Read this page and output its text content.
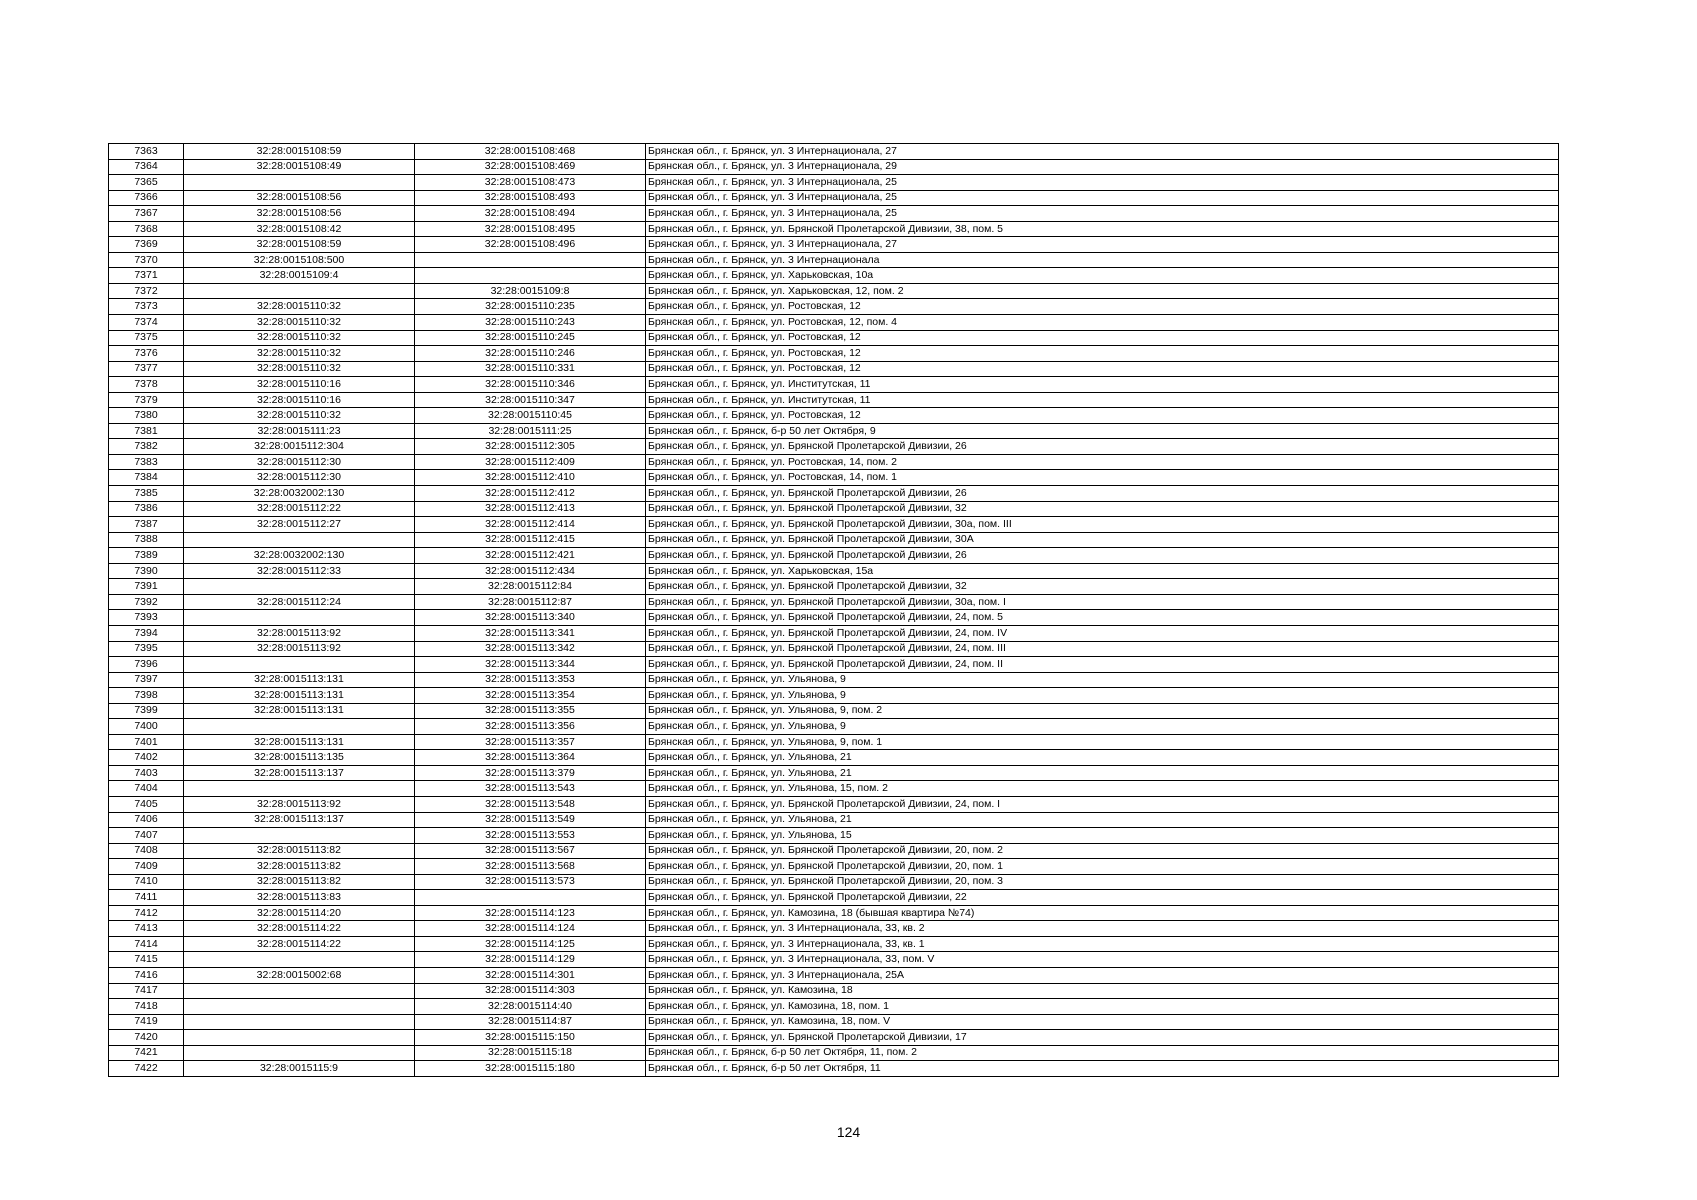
7363	32:28:0015108:59	32:28:0015108:468	Брянская обл., г. Брянск, ул. 3 Интернационала, 27
7364	32:28:0015108:49	32:28:0015108:469	Брянская обл., г. Брянск, ул. 3 Интернационала, 29
7365		32:28:0015108:473	Брянская обл., г. Брянск, ул. 3 Интернационала, 25
7366	32:28:0015108:56	32:28:0015108:493	Брянская обл., г. Брянск, ул. 3 Интернационала, 25
7367	32:28:0015108:56	32:28:0015108:494	Брянская обл., г. Брянск, ул. 3 Интернационала, 25
7368	32:28:0015108:42	32:28:0015108:495	Брянская обл., г. Брянск, ул. Брянской Пролетарской Дивизии, 38, пом. 5
7369	32:28:0015108:59	32:28:0015108:496	Брянская обл., г. Брянск, ул. 3 Интернационала, 27
7370	32:28:0015108:500		Брянская обл., г. Брянск, ул. 3 Интернационала
7371	32:28:0015109:4		Брянская обл., г. Брянск, ул. Харьковская, 10а
7372		32:28:0015109:8	Брянская обл., г. Брянск, ул. Харьковская, 12, пом. 2
7373	32:28:0015110:32	32:28:0015110:235	Брянская обл., г. Брянск, ул. Ростовская, 12
7374	32:28:0015110:32	32:28:0015110:243	Брянская обл., г. Брянск, ул. Ростовская, 12, пом. 4
7375	32:28:0015110:32	32:28:0015110:245	Брянская обл., г. Брянск, ул. Ростовская, 12
7376	32:28:0015110:32	32:28:0015110:246	Брянская обл., г. Брянск, ул. Ростовская, 12
7377	32:28:0015110:32	32:28:0015110:331	Брянская обл., г. Брянск, ул. Ростовская, 12
7378	32:28:0015110:16	32:28:0015110:346	Брянская обл., г. Брянск, ул. Институтская, 11
7379	32:28:0015110:16	32:28:0015110:347	Брянская обл., г. Брянск, ул. Институтская, 11
7380	32:28:0015110:32	32:28:0015110:45	Брянская обл., г. Брянск, ул. Ростовская, 12
7381	32:28:0015111:23	32:28:0015111:25	Брянская обл., г. Брянск, б-р 50 лет Октября, 9
7382	32:28:0015112:304	32:28:0015112:305	Брянская обл., г. Брянск, ул. Брянской Пролетарской Дивизии, 26
7383	32:28:0015112:30	32:28:0015112:409	Брянская обл., г. Брянск, ул. Ростовская, 14, пом. 2
7384	32:28:0015112:30	32:28:0015112:410	Брянская обл., г. Брянск, ул. Ростовская, 14, пом. 1
7385	32:28:0032002:130	32:28:0015112:412	Брянская обл., г. Брянск, ул. Брянской Пролетарской Дивизии, 26
7386	32:28:0015112:22	32:28:0015112:413	Брянская обл., г. Брянск, ул. Брянской Пролетарской Дивизии, 32
7387	32:28:0015112:27	32:28:0015112:414	Брянская обл., г. Брянск, ул. Брянской Пролетарской Дивизии, 30а, пом. III
7388		32:28:0015112:415	Брянская обл., г. Брянск, ул. Брянской Пролетарской Дивизии, 30А
7389	32:28:0032002:130	32:28:0015112:421	Брянская обл., г. Брянск, ул. Брянской Пролетарской Дивизии, 26
7390	32:28:0015112:33	32:28:0015112:434	Брянская обл., г. Брянск, ул. Харьковская, 15а
7391		32:28:0015112:84	Брянская обл., г. Брянск, ул. Брянской Пролетарской Дивизии, 32
7392	32:28:0015112:24	32:28:0015112:87	Брянская обл., г. Брянск, ул. Брянской Пролетарской Дивизии, 30а, пом. I
7393		32:28:0015113:340	Брянская обл., г. Брянск, ул. Брянской Пролетарской Дивизии, 24, пом. 5
7394	32:28:0015113:92	32:28:0015113:341	Брянская обл., г. Брянск, ул. Брянской Пролетарской Дивизии, 24, пом. IV
7395	32:28:0015113:92	32:28:0015113:342	Брянская обл., г. Брянск, ул. Брянской Пролетарской Дивизии, 24, пом. III
7396		32:28:0015113:344	Брянская обл., г. Брянск, ул. Брянской Пролетарской Дивизии, 24, пом. II
7397	32:28:0015113:131	32:28:0015113:353	Брянская обл., г. Брянск, ул. Ульянова, 9
7398	32:28:0015113:131	32:28:0015113:354	Брянская обл., г. Брянск, ул. Ульянова, 9
7399	32:28:0015113:131	32:28:0015113:355	Брянская обл., г. Брянск, ул. Ульянова, 9, пом. 2
7400		32:28:0015113:356	Брянская обл., г. Брянск, ул. Ульянова, 9
7401	32:28:0015113:131	32:28:0015113:357	Брянская обл., г. Брянск, ул. Ульянова, 9, пом. 1
7402	32:28:0015113:135	32:28:0015113:364	Брянская обл., г. Брянск, ул. Ульянова, 21
7403	32:28:0015113:137	32:28:0015113:379	Брянская обл., г. Брянск, ул. Ульянова, 21
7404		32:28:0015113:543	Брянская обл., г. Брянск, ул. Ульянова, 15, пом. 2
7405	32:28:0015113:92	32:28:0015113:548	Брянская обл., г. Брянск, ул. Брянской Пролетарской Дивизии, 24, пом. I
7406	32:28:0015113:137	32:28:0015113:549	Брянская обл., г. Брянск, ул. Ульянова, 21
7407		32:28:0015113:553	Брянская обл., г. Брянск, ул. Ульянова, 15
7408	32:28:0015113:82	32:28:0015113:567	Брянская обл., г. Брянск, ул. Брянской Пролетарской Дивизии, 20, пом. 2
7409	32:28:0015113:82	32:28:0015113:568	Брянская обл., г. Брянск, ул. Брянской Пролетарской Дивизии, 20, пом. 1
7410	32:28:0015113:82	32:28:0015113:573	Брянская обл., г. Брянск, ул. Брянской Пролетарской Дивизии, 20, пом. 3
7411	32:28:0015113:83		Брянская обл., г. Брянск, ул. Брянской Пролетарской Дивизии, 22
7412	32:28:0015114:20	32:28:0015114:123	Брянская обл., г. Брянск, ул. Камозина, 18 (бывшая квартира №74)
7413	32:28:0015114:22	32:28:0015114:124	Брянская обл., г. Брянск, ул. 3 Интернационала, 33, кв. 2
7414	32:28:0015114:22	32:28:0015114:125	Брянская обл., г. Брянск, ул. 3 Интернационала, 33, кв. 1
7415		32:28:0015114:129	Брянская обл., г. Брянск, ул. 3 Интернационала, 33, пом. V
7416	32:28:0015002:68	32:28:0015114:301	Брянская обл., г. Брянск, ул. 3 Интернационала, 25А
7417		32:28:0015114:303	Брянская обл., г. Брянск, ул. Камозина, 18
7418		32:28:0015114:40	Брянская обл., г. Брянск, ул. Камозина, 18, пом. 1
7419		32:28:0015114:87	Брянская обл., г. Брянск, ул. Камозина, 18, пом. V
7420		32:28:0015115:150	Брянская обл., г. Брянск, ул. Брянской Пролетарской Дивизии, 17
7421		32:28:0015115:18	Брянская обл., г. Брянск, б-р 50 лет Октября, 11, пом. 2
7422	32:28:0015115:9	32:28:0015115:180	Брянская обл., г. Брянск, б-р 50 лет Октября, 11
124
